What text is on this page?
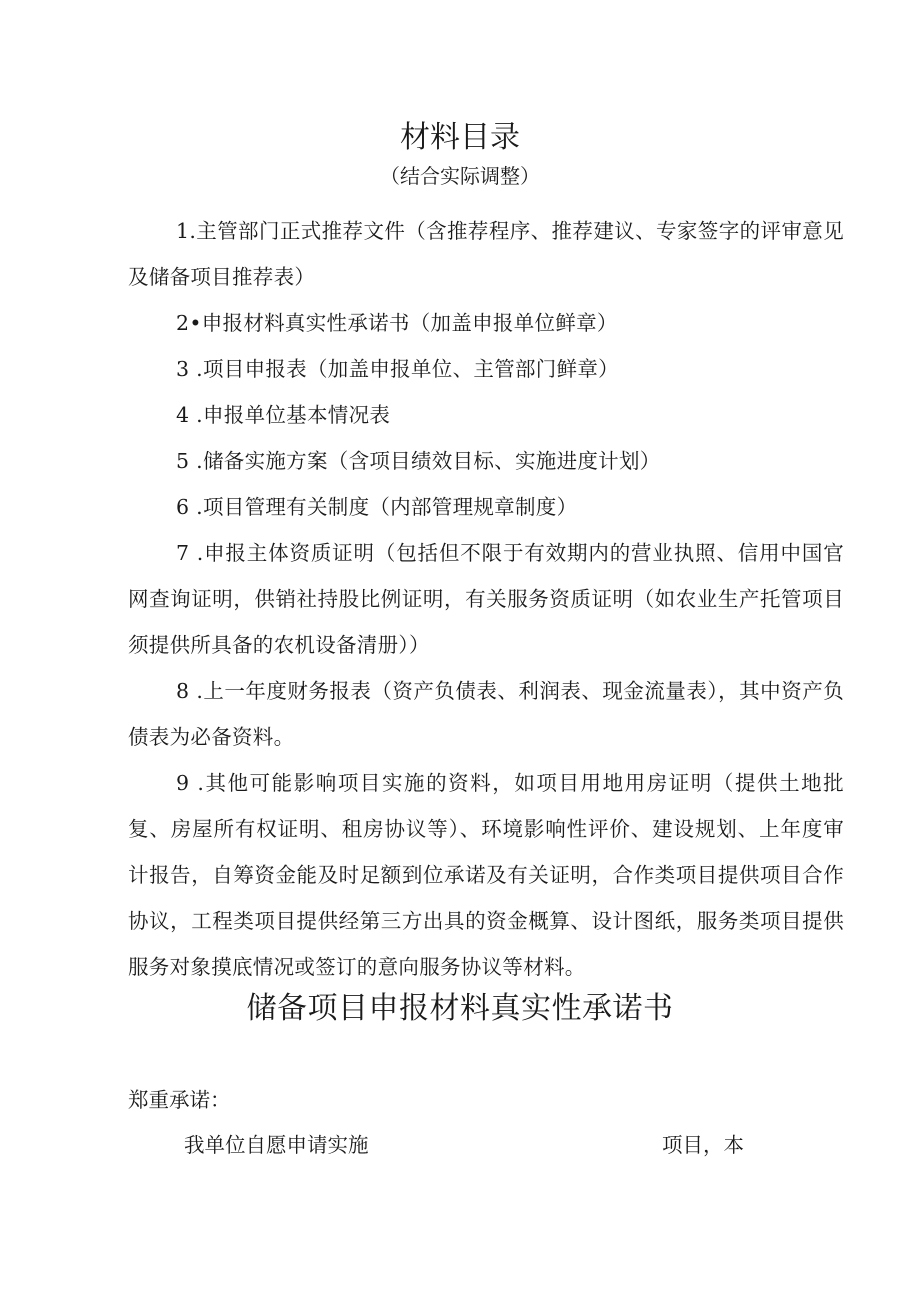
材料目录
（结合实际调整）

1.主管部门正式推荐文件（含推荐程序、推荐建议、专家签字的评审意见及储备项目推荐表）

2•申报材料真实性承诺书（加盖申报单位鲜章）

3 .项目申报表（加盖申报单位、主管部门鲜章）

4 .申报单位基本情况表

5 .储备实施方案（含项目绩效目标、实施进度计划）

6 .项目管理有关制度（内部管理规章制度）

7 .申报主体资质证明（包括但不限于有效期内的营业执照、信用中国官网查询证明，供销社持股比例证明，有关服务资质证明（如农业生产托管项目须提供所具备的农机设备清册））

8 .上一年度财务报表（资产负债表、利润表、现金流量表），其中资产负债表为必备资料。

9 .其他可能影响项目实施的资料，如项目用地用房证明（提供土地批复、房屋所有权证明、租房协议等）、环境影响性评价、建设规划、上年度审计报告，自筹资金能及时足额到位承诺及有关证明，合作类项目提供项目合作协议，工程类项目提供经第三方出具的资金概算、设计图纸，服务类项目提供服务对象摸底情况或签订的意向服务协议等材料。

储备项目申报材料真实性承诺书
郑重承诺：
我单位自愿申请实施	项目，本
